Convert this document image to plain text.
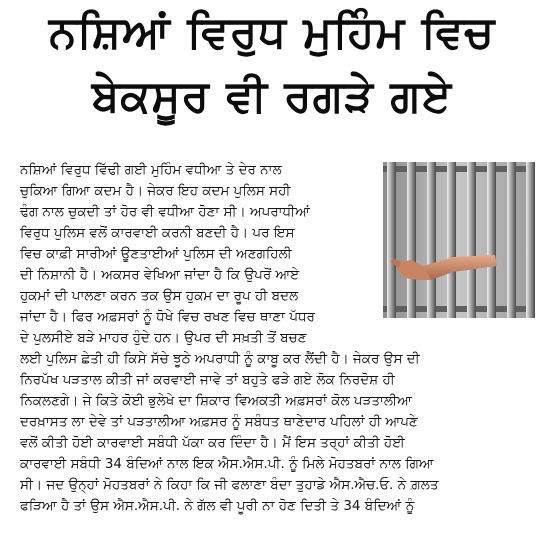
ਨਸ਼ਿਆਂ ਵਿਰੁਧ ਮੁਹਿੰਮ ਵਿਚ
ਬੇਕਸੂਰ ਵੀ ਰਗੜੇ ਗਏ
ਨਸ਼ਿਆਂ ਵਿਰੁਧ ਵਿੱਢੀ ਗਈ ਮੁਹਿੰਮ ਵਧੀਆ ਤੇ ਦੇਰ ਨਾਲ
ਚੁਕਿਆ ਗਿਆ ਕਦਮ ਹੈ। ਜੇਕਰ ਇਹ ਕਦਮ ਪੁਲਿਸ ਸਹੀ
ਢੰਗ ਨਾਲ ਚੁਕਦੀ ਤਾਂ ਹੋਰ ਵੀ ਵਧੀਆ ਹੋਣਾ ਸੀ। ਅਪਰਾਧੀਆਂ
ਵਿਰੁਧ ਪੁਲਿਸ ਵਲੋਂ ਕਾਰਵਾਈ ਕਰਨੀ ਬਣਦੀ ਹੈ। ਪਰ ਇਸ
ਵਿਚ ਕਾਫ਼ੀ ਸਾਰੀਆਂ ਊਣਤਾਈਆਂ ਪੁਲਿਸ ਦੀ ਅਣਗਹਿਲੀ
ਦੀ ਨਿਸ਼ਾਨੀ ਹੈ। ਅਕਸਰ ਵੇਖਿਆ ਜਾਂਦਾ ਹੈ ਕਿ ਉਪਰੋਂ ਆਏ
ਹੁਕਮਾਂ ਦੀ ਪਾਲਣਾ ਕਰਨ ਤਕ ਉਸ ਹੁਕਮ ਦਾ ਰੂਪ ਹੀ ਬਦਲ
ਜਾਂਦਾ ਹੈ। ਫਿਰ ਅਫ਼ਸਰਾਂ ਨੂੰ ਧੋਖੇ ਵਿਚ ਰਖਣ ਵਿਚ ਥਾਣਾ ਪੱਧਰ
ਦੇ ਪੁਲਸੀਏ ਬੜੇ ਮਾਹਰ ਹੁੰਦੇ ਹਨ। ਉਪਰ ਦੀ ਸਖ਼ਤੀ ਤੋਂ ਬਚਣ
ਲਈ ਪੁਲਿਸ ਛੇਤੀ ਹੀ ਕਿਸੇ ਸੱਚੇ ਝੂਠੇ ਅਪਰਾਧੀ ਨੂੰ ਕਾਬੂ ਕਰ ਲੈਂਦੀ ਹੈ। ਜੇਕਰ ਉਸ ਦੀ
ਨਿਰਪੱਖ ਪੜਤਾਲ ਕੀਤੀ ਜਾਂ ਕਰਵਾਈ ਜਾਵੇ ਤਾਂ ਬਹੁਤੇ ਫੜੇ ਗਏ ਲੋਕ ਨਿਰਦੋਸ਼ ਹੀ
ਨਿਕਲਣਗੇ। ਜੇ ਕਿਤੇ ਕੋਈ ਭੁਲੇਖੇ ਦਾ ਸ਼ਿਕਾਰ ਵਿਅਕਤੀ ਅਫ਼ਸਰਾਂ ਕੋਲ ਪੜਤਾਲੀਆ
ਦਰਖ਼ਾਸਤ ਲਾ ਦੇਵੇ ਤਾਂ ਪੜਤਾਲੀਆ ਅਫ਼ਸਰ ਨੂੰ ਸਬੰਧਤ ਥਾਣੇਦਾਰ ਪਹਿਲਾਂ ਹੀ ਆਪਣੇ
ਵਲੋਂ ਕੀਤੀ ਹੋਈ ਕਾਰਵਾਈ ਸਬੰਧੀ ਪੱਕਾ ਕਰ ਦਿੰਦਾ ਹੈ। ਮੈਂ ਇਸ ਤਰ੍ਹਾਂ ਕੀਤੀ ਹੋਈ
ਕਾਰਵਾਈ ਸਬੰਧੀ 34 ਬੰਦਿਆਂ ਨਾਲ ਇਕ ਐਸ.ਐਸ.ਪੀ. ਨੂੰ ਮਿਲੇ ਮੋਹਤਬਰਾਂ ਨਾਲ ਗਿਆ
ਸੀ। ਜਦ ਉਨ੍ਹਾਂ ਮੋਹਤਬਰਾਂ ਨੇ ਕਿਹਾ ਕਿ ਜੀ ਫਲਾਣਾ ਬੰਦਾ ਤੁਹਾਡੇ ਐਸ.ਐਚ.ਓ. ਨੇ ਗ਼ਲਤ
ਫੜਿਆ ਹੈ ਤਾਂ ਉਸ ਐਸ.ਐਸ.ਪੀ. ਨੇ ਗੱਲ ਵੀ ਪੂਰੀ ਨਾ ਹੋਣ ਦਿਤੀ ਤੇ 34 ਬੰਦਿਆਂ ਨੂੰ
